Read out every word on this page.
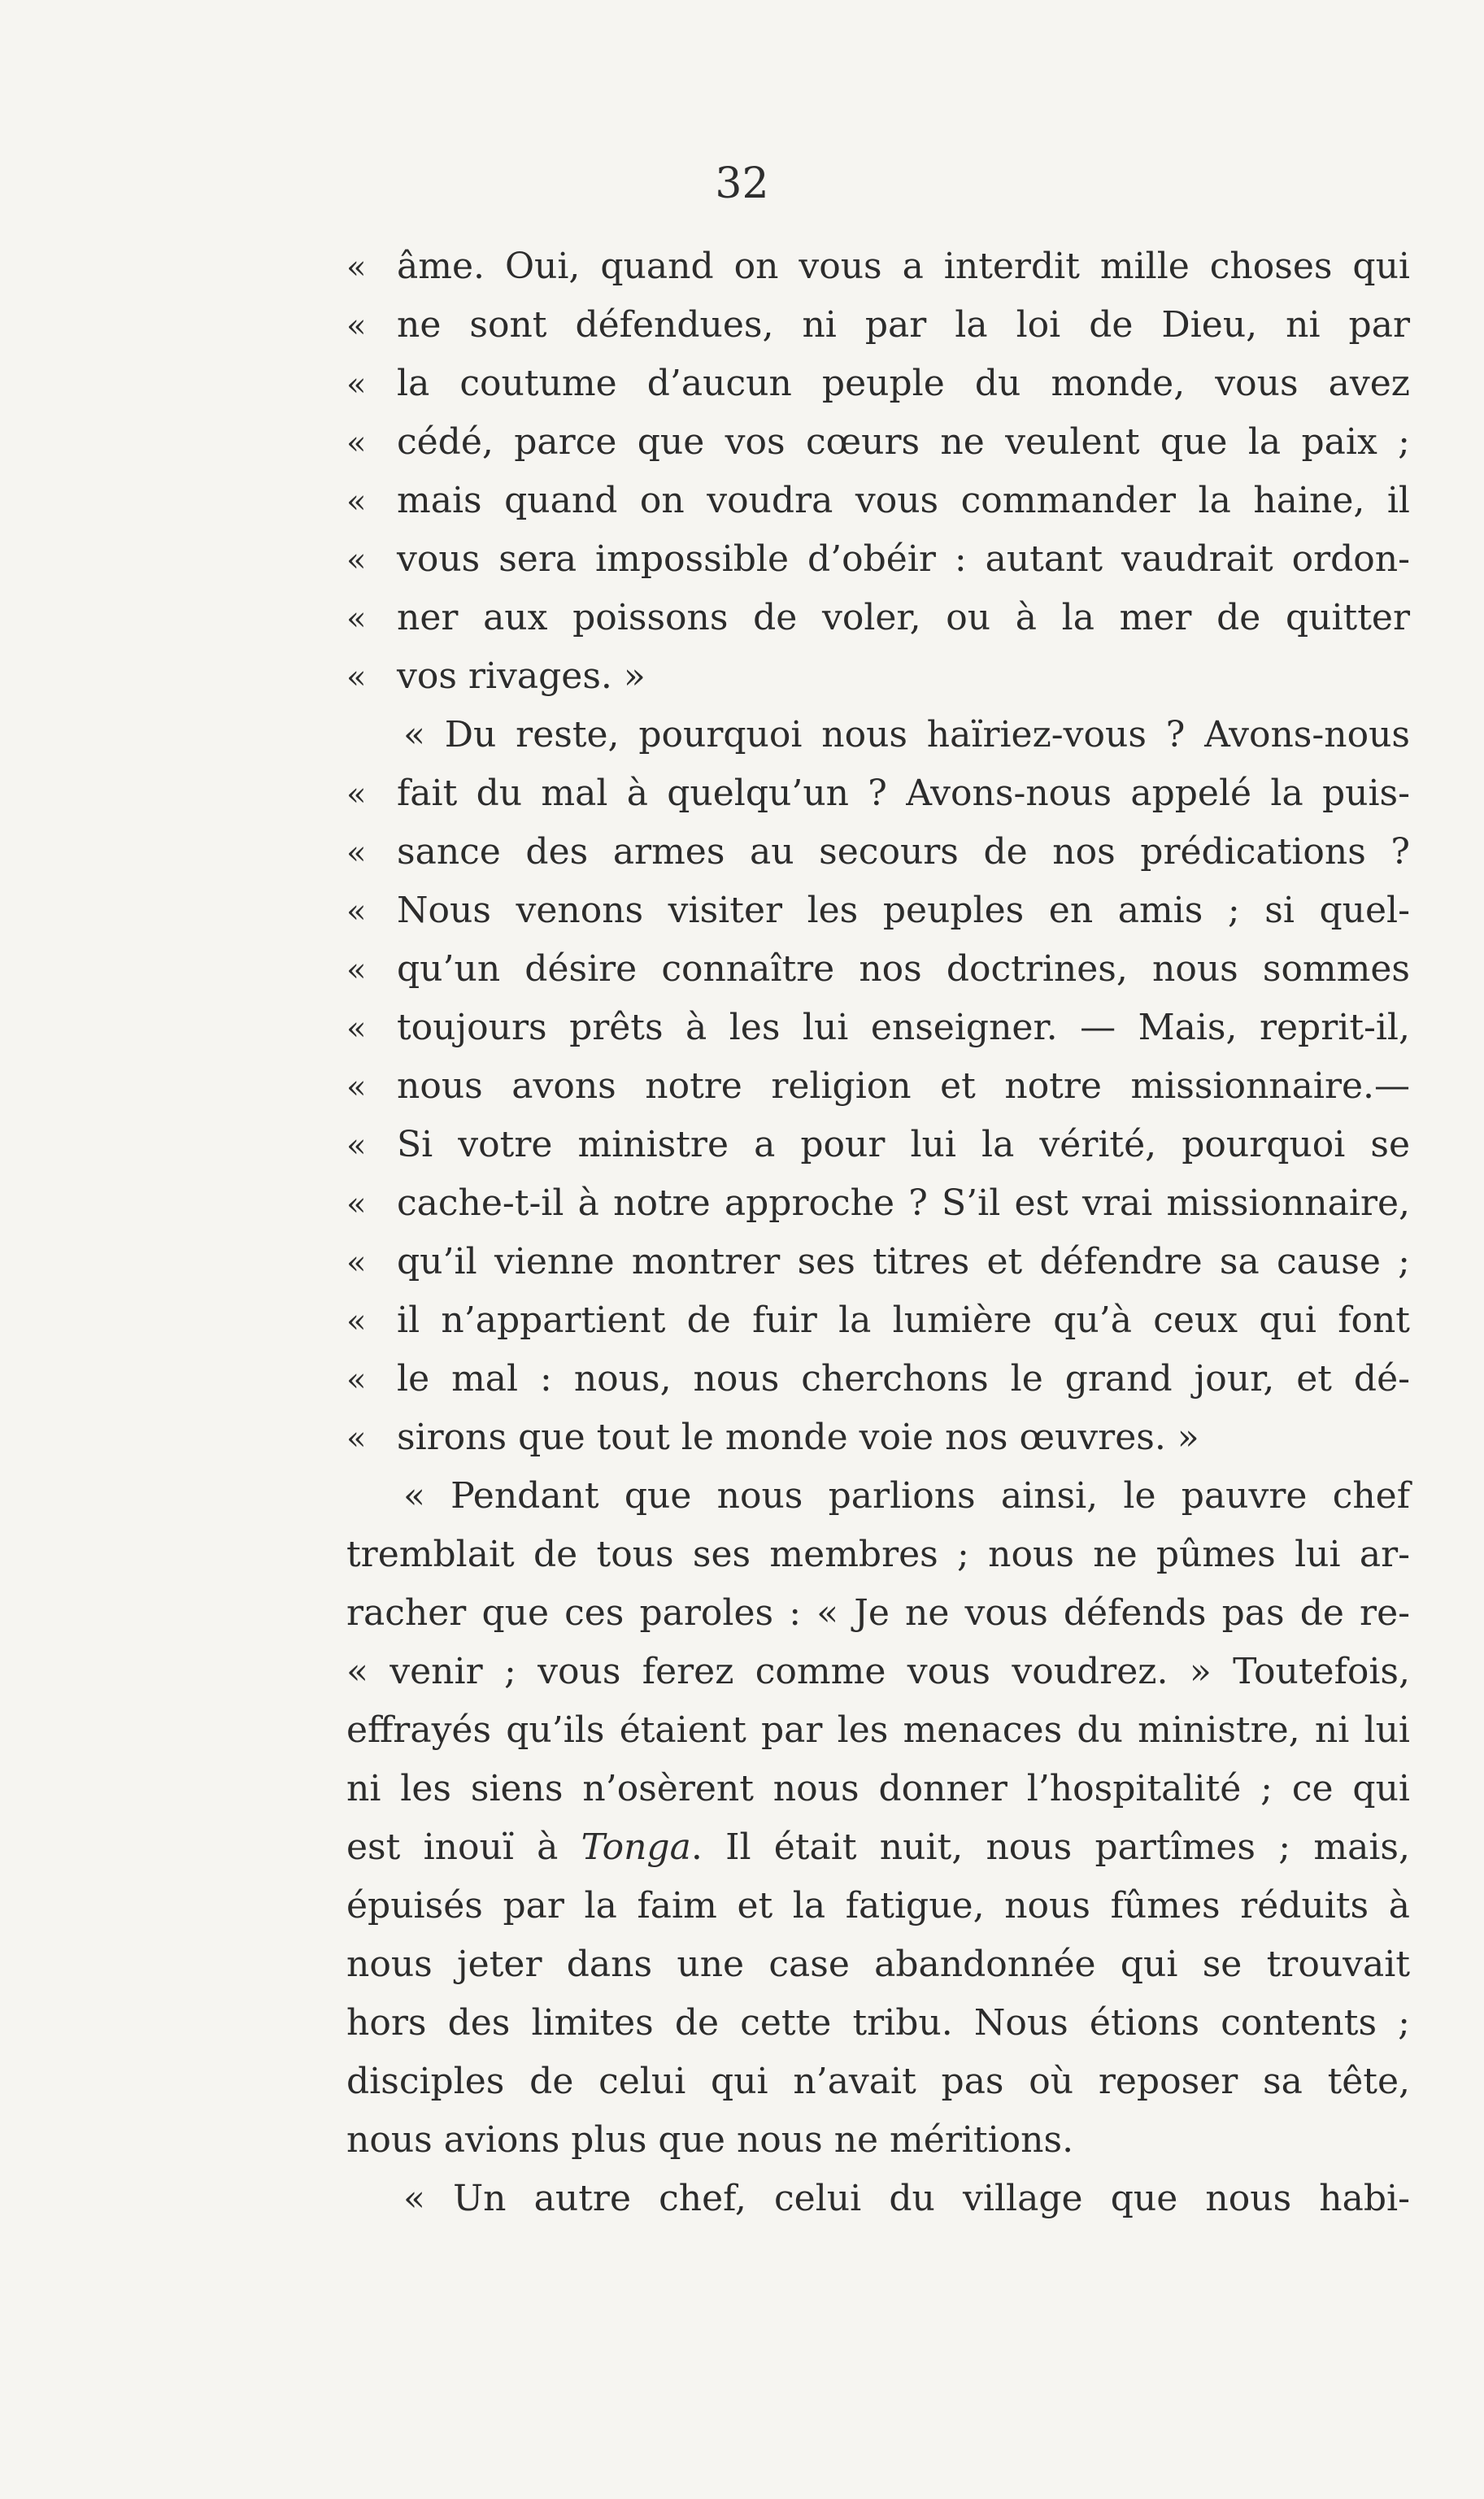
32
« âme. Oui, quand on vous a interdit mille choses qui
« ne sont défendues, ni par la loi de Dieu, ni par
« la coutume d’aucun peuple du monde, vous avez
« cédé, parce que vos cœurs ne veulent que la paix ;
« mais quand on voudra vous commander la haine, il
« vous sera impossible d’obéir : autant vaudrait ordon-
« ner aux poissons de voler, ou à la mer de quitter
« vos rivages. »
« Du reste, pourquoi nous haïriez-vous ? Avons-nous
« fait du mal à quelqu’un ? Avons-nous appelé la puis-
« sance des armes au secours de nos prédications ?
« Nous venons visiter les peuples en amis ; si quel-
« qu’un désire connaître nos doctrines, nous sommes
« toujours prêts à les lui enseigner. — Mais, reprit-il,
« nous avons notre religion et notre missionnaire.—
« Si votre ministre a pour lui la vérité, pourquoi se
« cache-t-il à notre approche ? S’il est vrai missionnaire,
« qu’il vienne montrer ses titres et défendre sa cause ;
« il n’appartient de fuir la lumière qu’à ceux qui font
« le mal : nous, nous cherchons le grand jour, et dé-
« sirons que tout le monde voie nos œuvres. »
« Pendant que nous parlions ainsi, le pauvre chef
tremblait de tous ses membres ; nous ne pûmes lui ar-
racher que ces paroles : « Je ne vous défends pas de re-
« venir ; vous ferez comme vous voudrez. » Toutefois,
effrayés qu’ils étaient par les menaces du ministre, ni lui
ni les siens n’osèrent nous donner l’hospitalité ; ce qui
est inouï à Tonga. Il était nuit, nous partîmes ; mais,
épuisés par la faim et la fatigue, nous fûmes réduits à
nous jeter dans une case abandonnée qui se trouvait
hors des limites de cette tribu. Nous étions contents ;
disciples de celui qui n’avait pas où reposer sa tête,
nous avions plus que nous ne méritions.
« Un autre chef, celui du village que nous habi-
